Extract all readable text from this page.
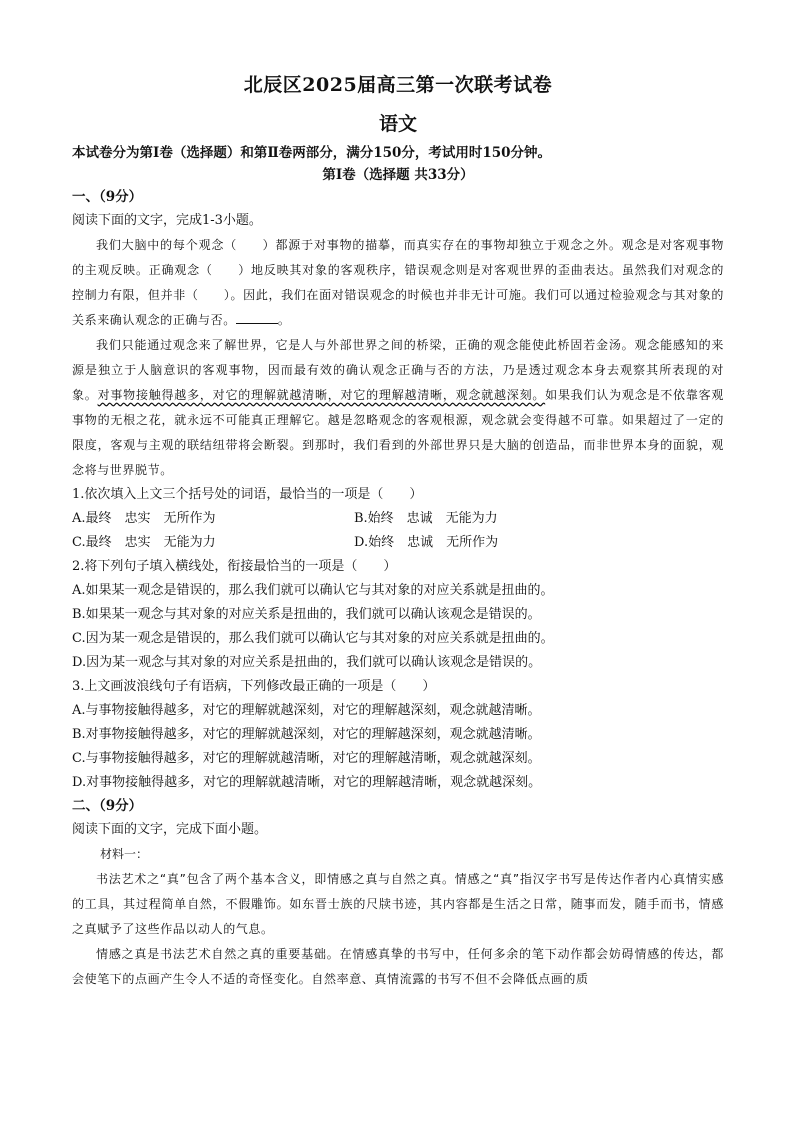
北辰区2025届高三第一次联考试卷
语文

本试卷分为第Ⅰ卷（选择题）和第Ⅱ卷两部分，满分150分，考试用时150分钟。

第Ⅰ卷（选择题 共33分）

一、（9分）

阅读下面的文字，完成1-3小题。

我们大脑中的每个观念（　　）都源于对事物的描摹，而真实存在的事物却独立于观念之外。观念是对客观事物的主观反映。正确观念（　　）地反映其对象的客观秩序，错误观念则是对客观世界的歪曲表达。虽然我们对观念的控制力有限，但并非（　　）。因此，我们在面对错误观念的时候也并非无计可施。我们可以通过检验观念与其对象的关系来确认观念的正确与否。	。

我们只能通过观念来了解世界，它是人与外部世界之间的桥梁，正确的观念能使此桥固若金汤。观念能感知的来源是独立于人脑意识的客观事物，因而最有效的确认观念正确与否的方法，乃是透过观念本身去观察其所表现的对象。对事物接触得越多，对它的理解就越清晰，对它的理解越清晰，观念就越深刻。如果我们认为观念是不依靠客观事物的无根之花，就永远不可能真正理解它。越是忽略观念的客观根源，观念就会变得越不可靠。如果超过了一定的限度，客观与主观的联结纽带将会断裂。到那时，我们看到的外部世界只是大脑的创造品，而非世界本身的面貌，观念将与世界脱节。

1.依次填入上文三个括号处的词语，最恰当的一项是（　　）

A.最终　忠实　无所作为	B.始终　忠诚　无能为力
C.最终　忠实　无能为力	D.始终　忠诚　无所作为

2.将下列句子填入横线处，衔接最恰当的一项是（　　）

A.如果某一观念是错误的，那么我们就可以确认它与其对象的对应关系就是扭曲的。

B.如果某一观念与其对象的对应关系是扭曲的，我们就可以确认该观念是错误的。

C.因为某一观念是错误的，那么我们就可以确认它与其对象的对应关系就是扭曲的。

D.因为某一观念与其对象的对应关系是扭曲的，我们就可以确认该观念是错误的。

3.上文画波浪线句子有语病，下列修改最正确的一项是（　　）

A.与事物接触得越多，对它的理解就越深刻，对它的理解越深刻，观念就越清晰。

B.对事物接触得越多，对它的理解就越深刻，对它的理解越深刻，观念就越清晰。

C.与事物接触得越多，对它的理解就越清晰，对它的理解越清晰，观念就越深刻。

D.对事物接触得越多，对它的理解就越清晰，对它的理解越清晰，观念就越深刻。

二、（9分）

阅读下面的文字，完成下面小题。

材料一：

书法艺术之“真”包含了两个基本含义，即情感之真与自然之真。情感之“真”指汉字书写是传达作者内心真情实感的工具，其过程简单自然，不假雕饰。如东晋士族的尺牍书迹，其内容都是生活之日常，随事而发，随手而书，情感之真赋予了这些作品以动人的气息。

情感之真是书法艺术自然之真的重要基础。在情感真挚的书写中，任何多余的笔下动作都会妨碍情感的传达，都会使笔下的点画产生令人不适的奇怪变化。自然率意、真情流露的书写不但不会降低点画的质
